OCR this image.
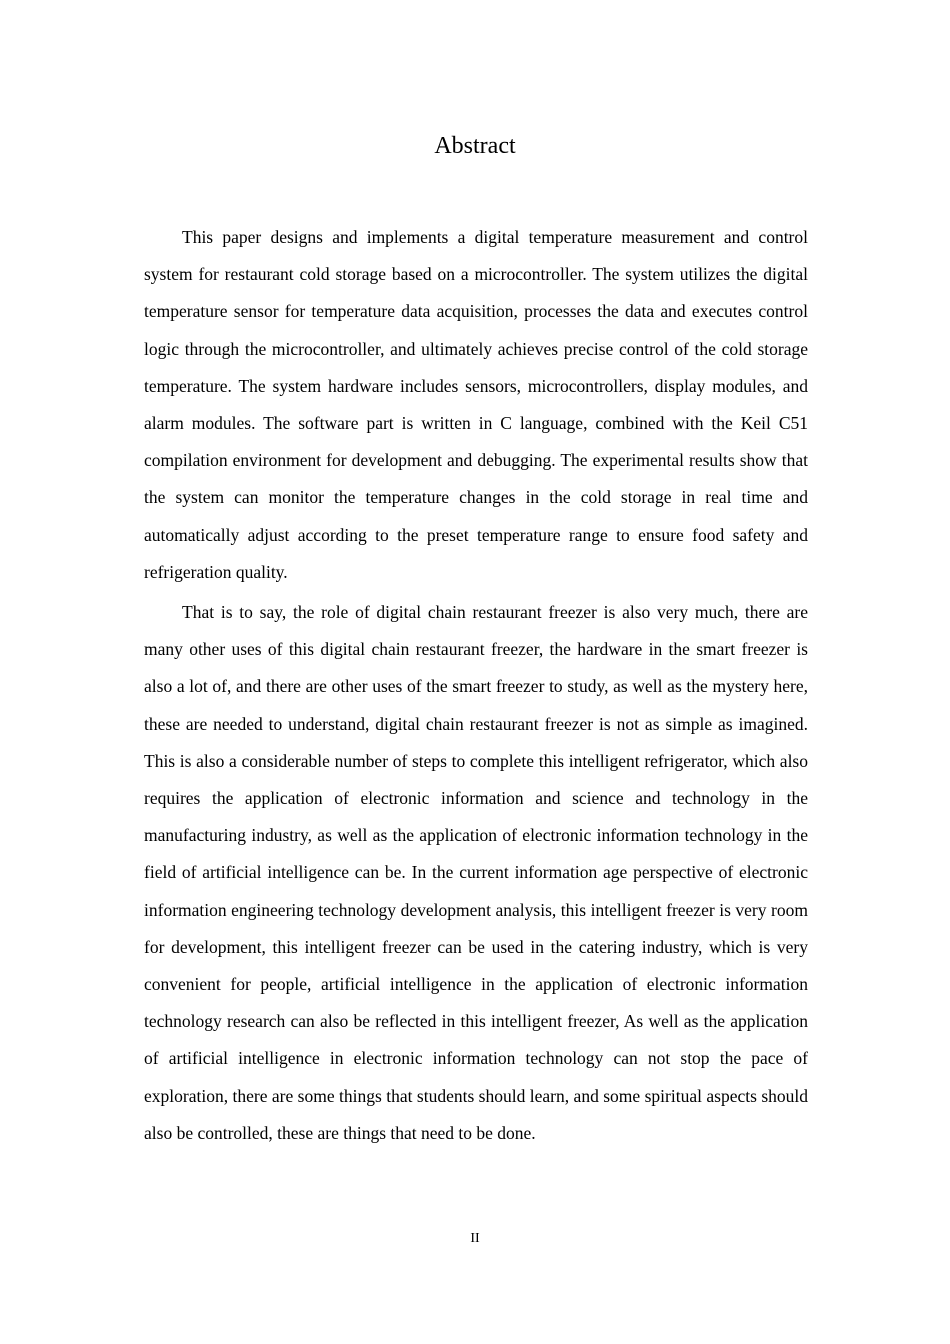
Abstract

This paper designs and implements a digital temperature measurement and control system for restaurant cold storage based on a microcontroller. The system utilizes the digital temperature sensor for temperature data acquisition, processes the data and executes control logic through the microcontroller, and ultimately achieves precise control of the cold storage temperature. The system hardware includes sensors, microcontrollers, display modules, and alarm modules. The software part is written in C language, combined with the Keil C51 compilation environment for development and debugging. The experimental results show that the system can monitor the temperature changes in the cold storage in real time and automatically adjust according to the preset temperature range to ensure food safety and refrigeration quality.

That is to say, the role of digital chain restaurant freezer is also very much, there are many other uses of this digital chain restaurant freezer, the hardware in the smart freezer is also a lot of, and there are other uses of the smart freezer to study, as well as the mystery here, these are needed to understand, digital chain restaurant freezer is not as simple as imagined. This is also a considerable number of steps to complete this intelligent refrigerator, which also requires the application of electronic information and science and technology in the manufacturing industry, as well as the application of electronic information technology in the field of artificial intelligence can be. In the current information age perspective of electronic information engineering technology development analysis, this intelligent freezer is very room for development, this intelligent freezer can be used in the catering industry, which is very convenient for people, artificial intelligence in the application of electronic information technology research can also be reflected in this intelligent freezer, As well as the application of artificial intelligence in electronic information technology can not stop the pace of exploration, there are some things that students should learn, and some spiritual aspects should also be controlled, these are things that need to be done.

II
